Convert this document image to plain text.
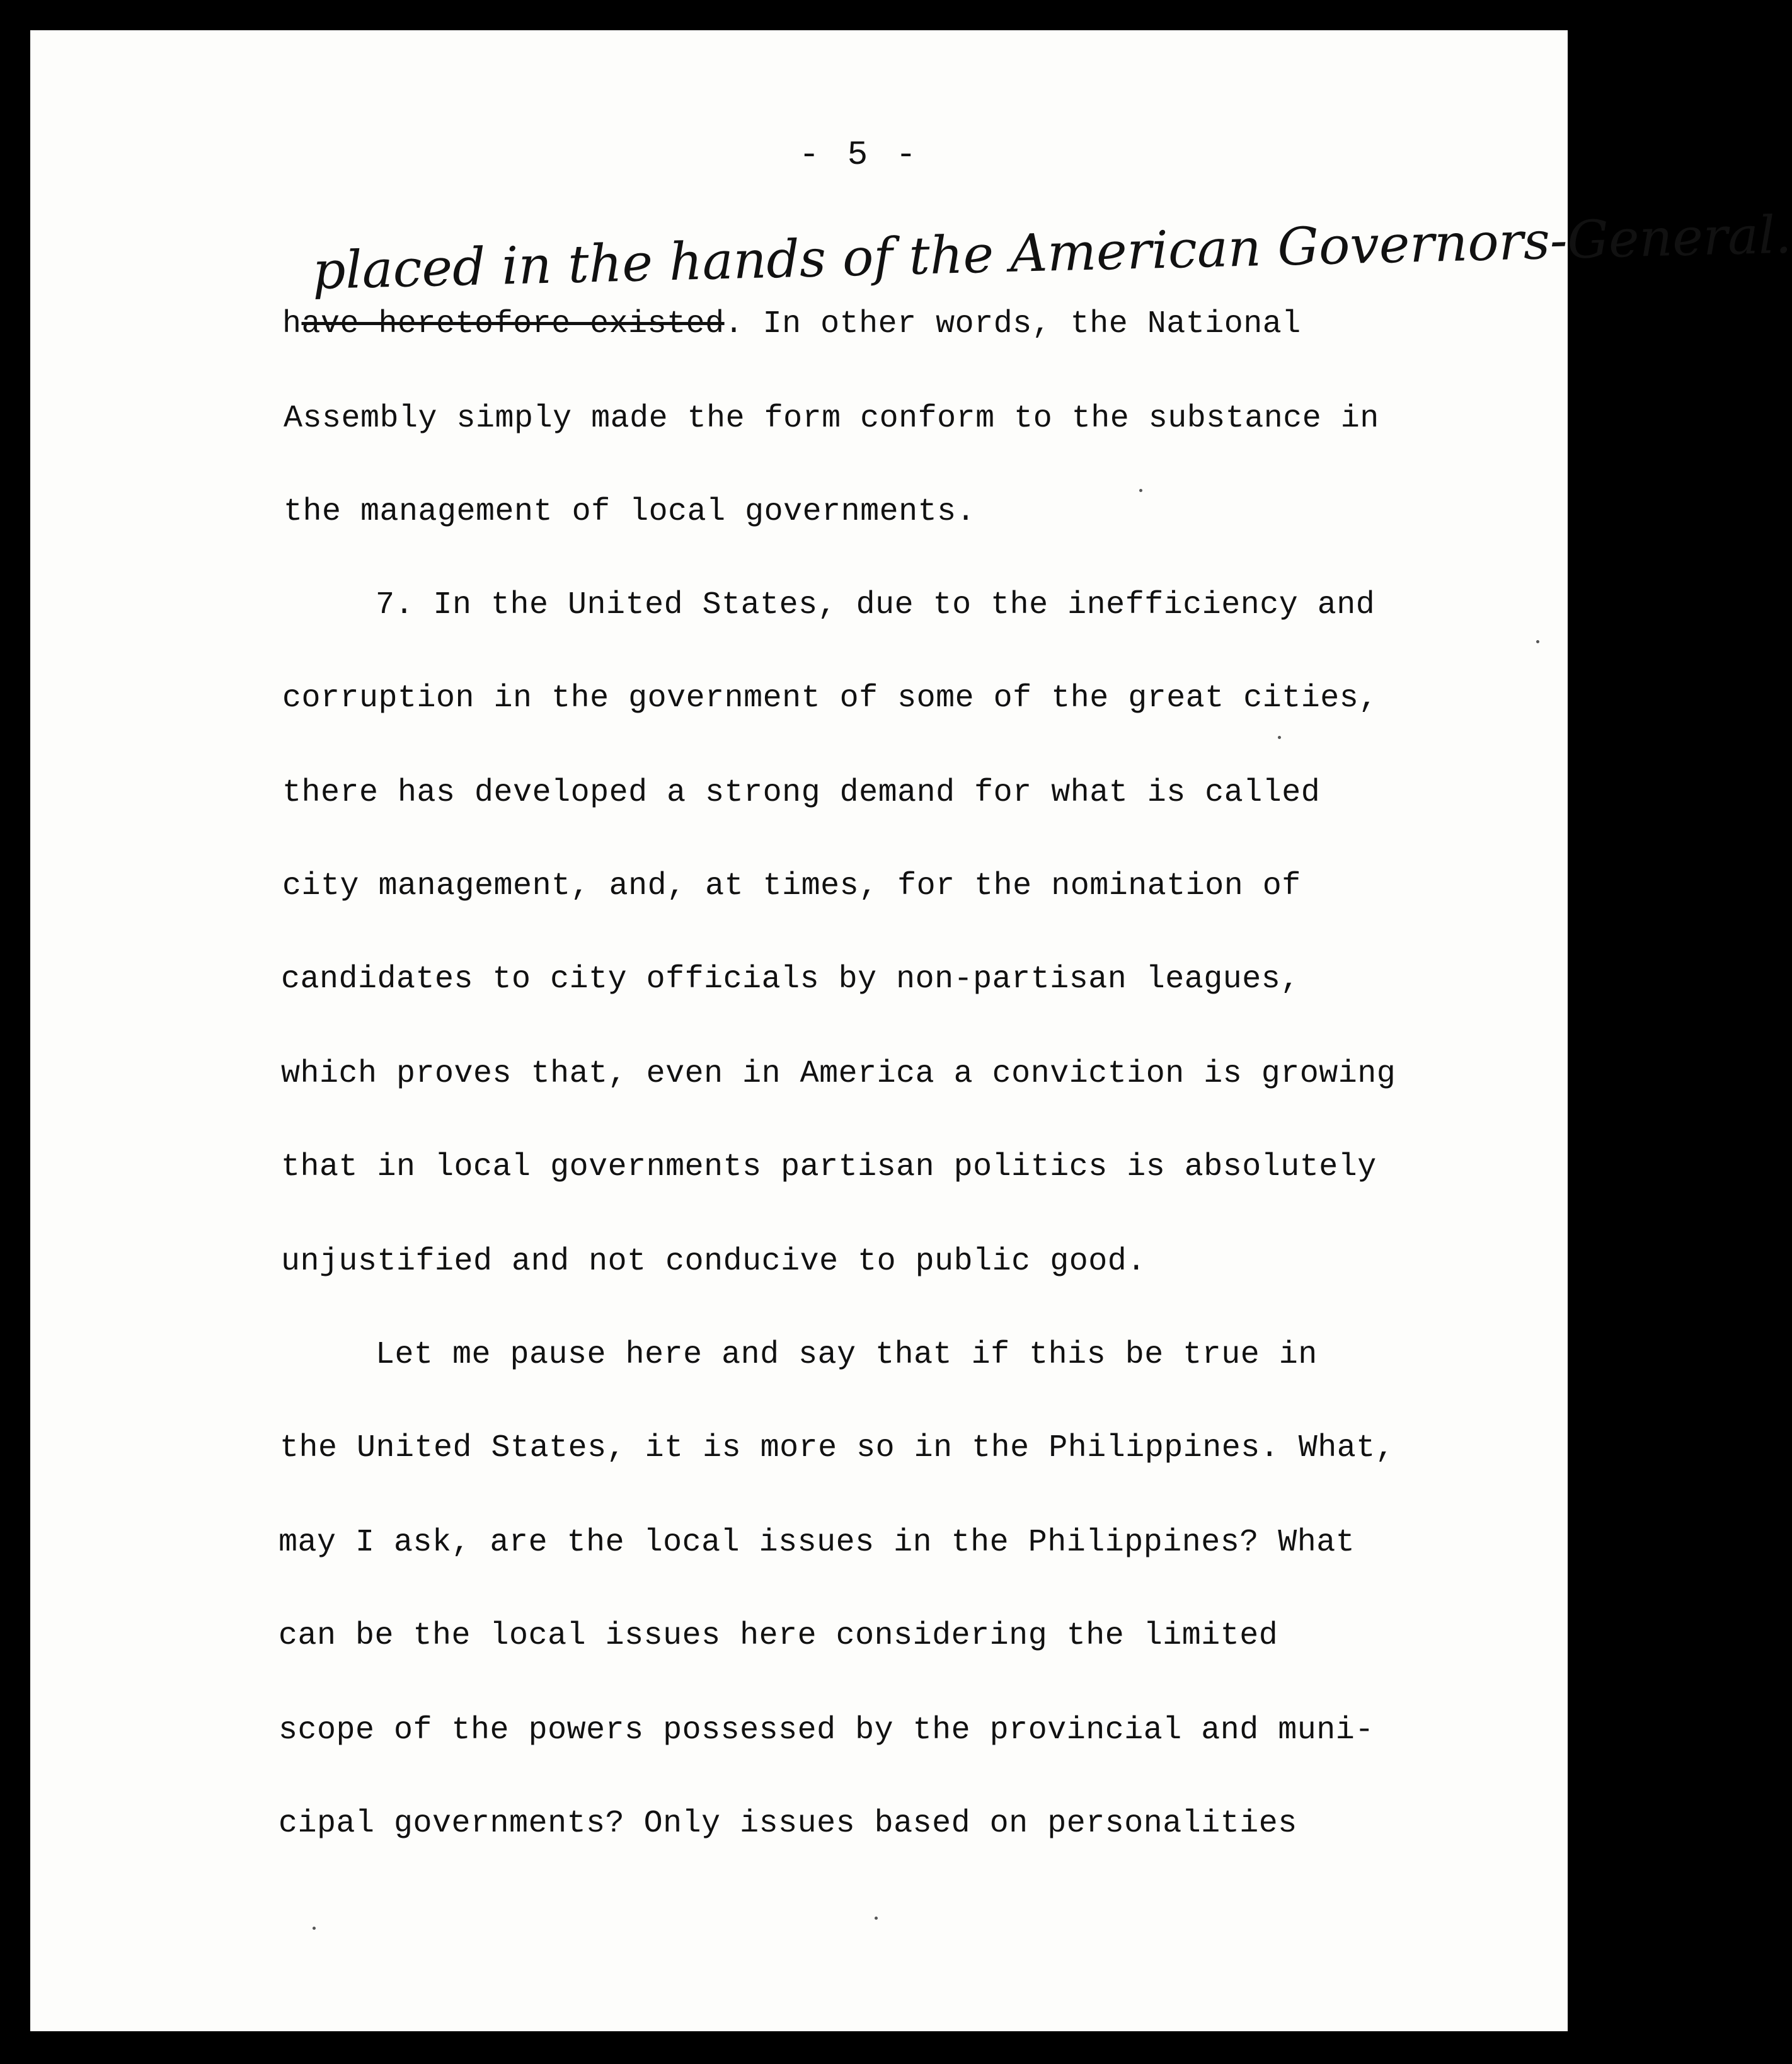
- 5 -
placed in the hands of the American Governors-General.
have heretofore existed. In other words, the National
Assembly simply made the form conform to the substance in
the management of local governments.
7. In the United States, due to the inefficiency and
corruption in the government of some of the great cities,
there has developed a strong demand for what is called
city management, and, at times, for the nomination of
candidates to city officials by non-partisan leagues,
which proves that, even in America a conviction is growing
that in local governments partisan politics is absolutely
unjustified and not conducive to public good.
Let me pause here and say that if this be true in
the United States, it is more so in the Philippines. What,
may I ask, are the local issues in the Philippines? What
can be the local issues here considering the limited
scope of the powers possessed by the provincial and muni-
cipal governments? Only issues based on personalities
